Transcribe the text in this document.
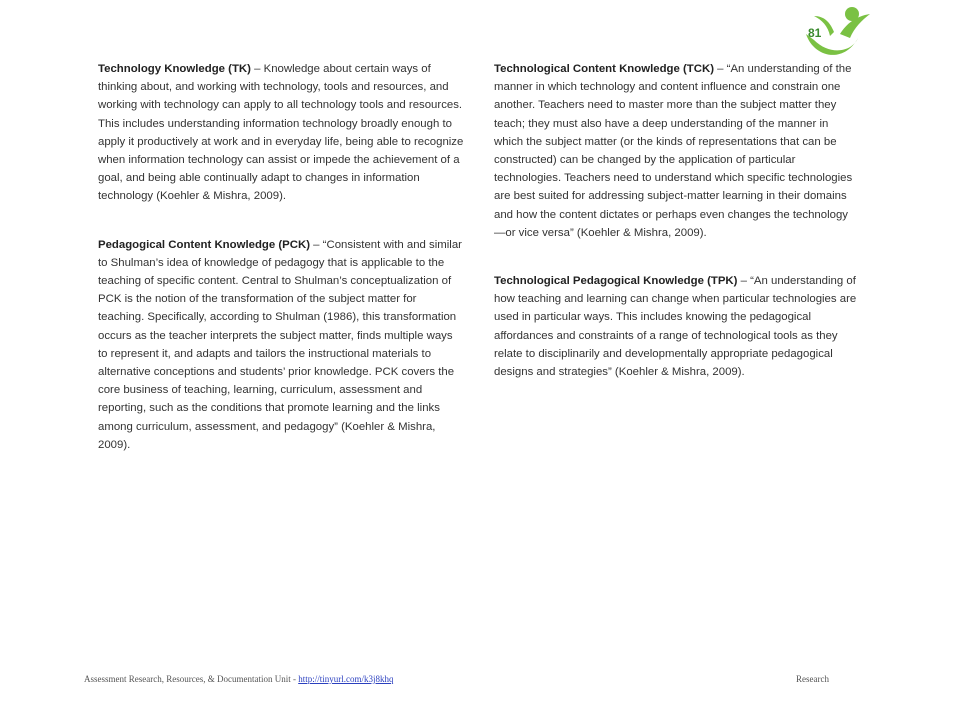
81

Technology Knowledge (TK) – Knowledge about certain ways of thinking about, and working with technology, tools and resources, and working with technology can apply to all technology tools and resources. This includes understanding information technology broadly enough to apply it productively at work and in everyday life, being able to recognize when information technology can assist or impede the achievement of a goal, and being able continually adapt to changes in information technology (Koehler & Mishra, 2009).

Pedagogical Content Knowledge (PCK) – “Consistent with and similar to Shulman’s idea of knowledge of pedagogy that is applicable to the teaching of specific content. Central to Shulman’s conceptualization of PCK is the notion of the transformation of the subject matter for teaching. Specifically, according to Shulman (1986), this transformation occurs as the teacher interprets the subject matter, finds multiple ways to represent it, and adapts and tailors the instructional materials to alternative conceptions and students’ prior knowledge. PCK covers the core business of teaching, learning, curriculum, assessment and reporting, such as the conditions that promote learning and the links among curriculum, assessment, and pedagogy” (Koehler & Mishra, 2009).

Technological Content Knowledge (TCK) – “An understanding of the manner in which technology and content influence and constrain one another. Teachers need to master more than the subject matter they teach; they must also have a deep understanding of the manner in which the subject matter (or the kinds of representations that can be constructed) can be changed by the application of particular technologies. Teachers need to understand which specific technologies are best suited for addressing subject-matter learning in their domains and how the content dictates or perhaps even changes the technology—or vice versa” (Koehler & Mishra, 2009).

Technological Pedagogical Knowledge (TPK) – “An understanding of how teaching and learning can change when particular technologies are used in particular ways. This includes knowing the pedagogical affordances and constraints of a range of technological tools as they relate to disciplinarily and developmentally appropriate pedagogical designs and strategies” (Koehler & Mishra, 2009).

Assessment Research, Resources, & Documentation Unit - http://tinyurl.com/k3j8khq	Research
